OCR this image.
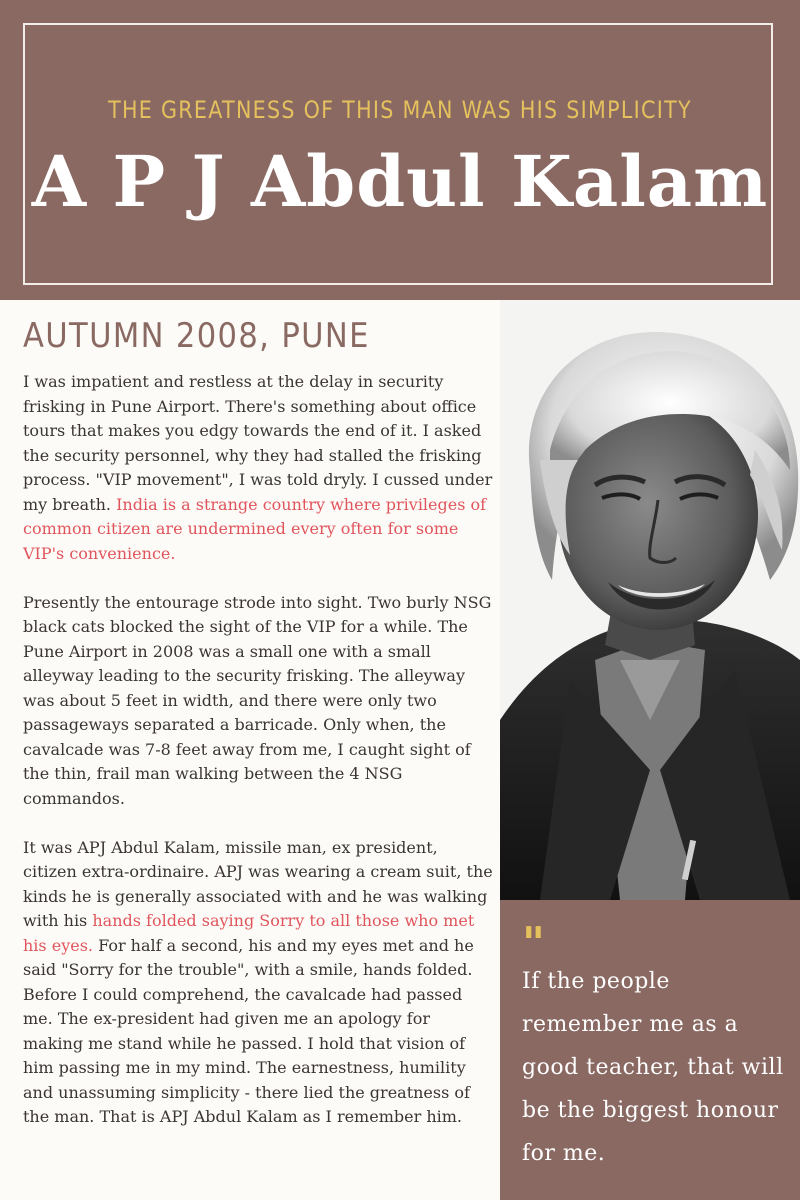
THE GREATNESS OF THIS MAN WAS HIS SIMPLICITY
A P J Abdul Kalam
AUTUMN 2008, PUNE

I was impatient and restless at the delay in security frisking in Pune Airport. There's something about office tours that makes you edgy towards the end of it. I asked the security personnel, why they had stalled the frisking process. "VIP movement", I was told dryly. I cussed under my breath. India is a strange country where privileges of common citizen are undermined every often for some VIP's convenience.

Presently the entourage strode into sight. Two burly NSG black cats blocked the sight of the VIP for a while. The Pune Airport in 2008 was a small one with a small alleyway leading to the security frisking. The alleyway was about 5 feet in width, and there were only two passageways separated a barricade. Only when, the cavalcade was 7-8 feet away from me, I caught sight of the thin, frail man walking between the 4 NSG commandos.

It was APJ Abdul Kalam, missile man, ex president, citizen extra-ordinaire. APJ was wearing a cream suit, the kinds he is generally associated with and he was walking with his hands folded saying Sorry to all those who met his eyes. For half a second, his and my eyes met and he said "Sorry for the trouble", with a smile, hands folded. Before I could comprehend, the cavalcade had passed me. The ex-president had given me an apology for making me stand while he passed. I hold that vision of him passing me in my mind. The earnestness, humility and unassuming simplicity - there lied the greatness of the man. That is APJ Abdul Kalam as I remember him.

"
If the people remember me as a good teacher, that will be the biggest honour for me.
